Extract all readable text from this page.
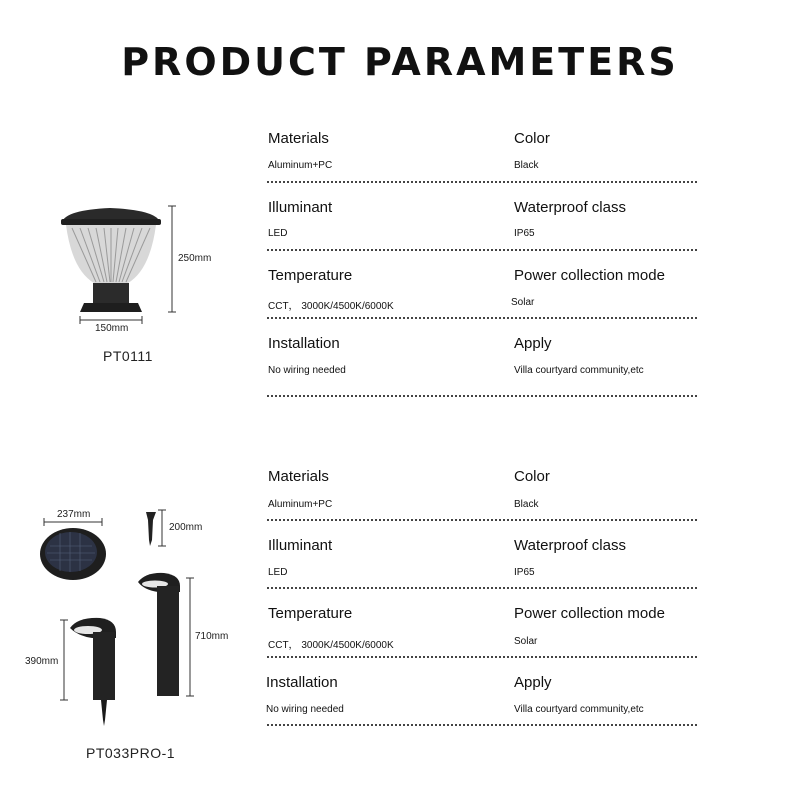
PRODUCT PARAMETERS
250mm
150mm
PT0111
Materials
Aluminum+PC
Color
Black
Illuminant
LED
Waterproof class
IP65
Temperature
CCT， 3000K/4500K/6000K
Power collection mode
Solar
Installation
No wiring needed
Apply
Villa courtyard community,etc
237mm
200mm
710mm
390mm
PT033PRO-1
Materials
Aluminum+PC
Color
Black
Illuminant
LED
Waterproof class
IP65
Temperature
CCT， 3000K/4500K/6000K
Power collection mode
Solar
Installation
No wiring needed
Apply
Villa courtyard community,etc
